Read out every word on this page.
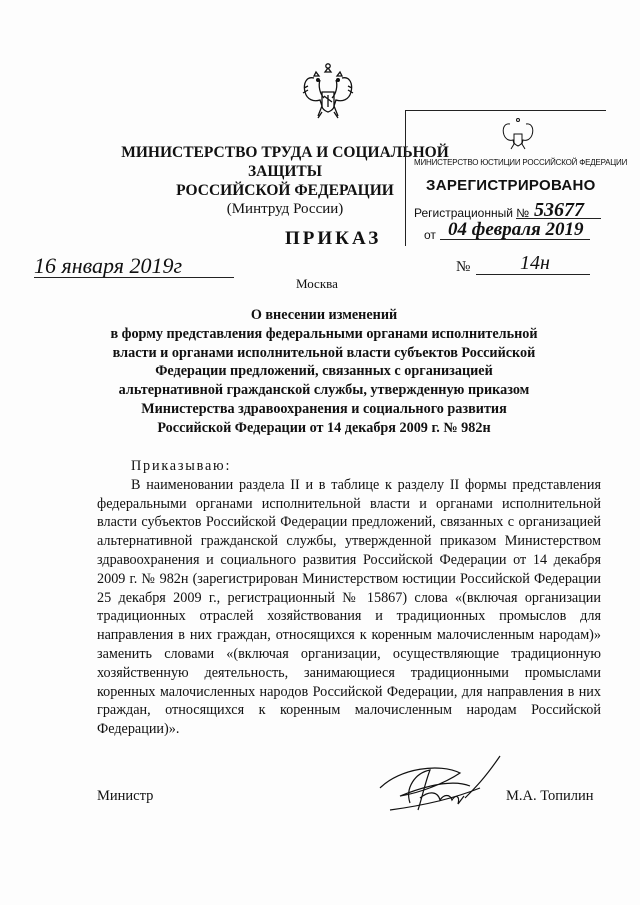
МИНИСТЕРСТВО ТРУДА И СОЦИАЛЬНОЙ ЗАЩИТЫ
РОССИЙСКОЙ ФЕДЕРАЦИИ
(Минтруд России)
МИНИСТЕРСТВО ЮСТИЦИИ РОССИЙСКОЙ ФЕДЕРАЦИИ
ЗАРЕГИСТРИРОВАНО
Регистрационный № 53677
от 04 февраля 2019
ПРИКАЗ
16 января 2019г
Москва
№ 14н
О внесении изменений
в форму представления федеральными органами исполнительной
власти и органами исполнительной власти субъектов Российской
Федерации предложений, связанных с организацией
альтернативной гражданской службы, утвержденную приказом
Министерства здравоохранения и социального развития
Российской Федерации от 14 декабря 2009 г. № 982н
Приказываю:
В наименовании раздела II и в таблице к разделу II формы представления федеральными органами исполнительной власти и органами исполнительной власти субъектов Российской Федерации предложений, связанных с организацией альтернативной гражданской службы, утвержденной приказом Министерством здравоохранения и социального развития Российской Федерации от 14 декабря 2009 г. № 982н (зарегистрирован Министерством юстиции Российской Федерации 25 декабря 2009 г., регистрационный № 15867) слова «(включая организации традиционных отраслей хозяйствования и традиционных промыслов для направления в них граждан, относящихся к коренным малочисленным народам)» заменить словами «(включая организации, осуществляющие традиционную хозяйственную деятельность, занимающиеся традиционными промыслами коренных малочисленных народов Российской Федерации, для направления в них граждан, относящихся к коренным малочисленным народам Российской Федерации)».
Министр	М.А. Топилин
